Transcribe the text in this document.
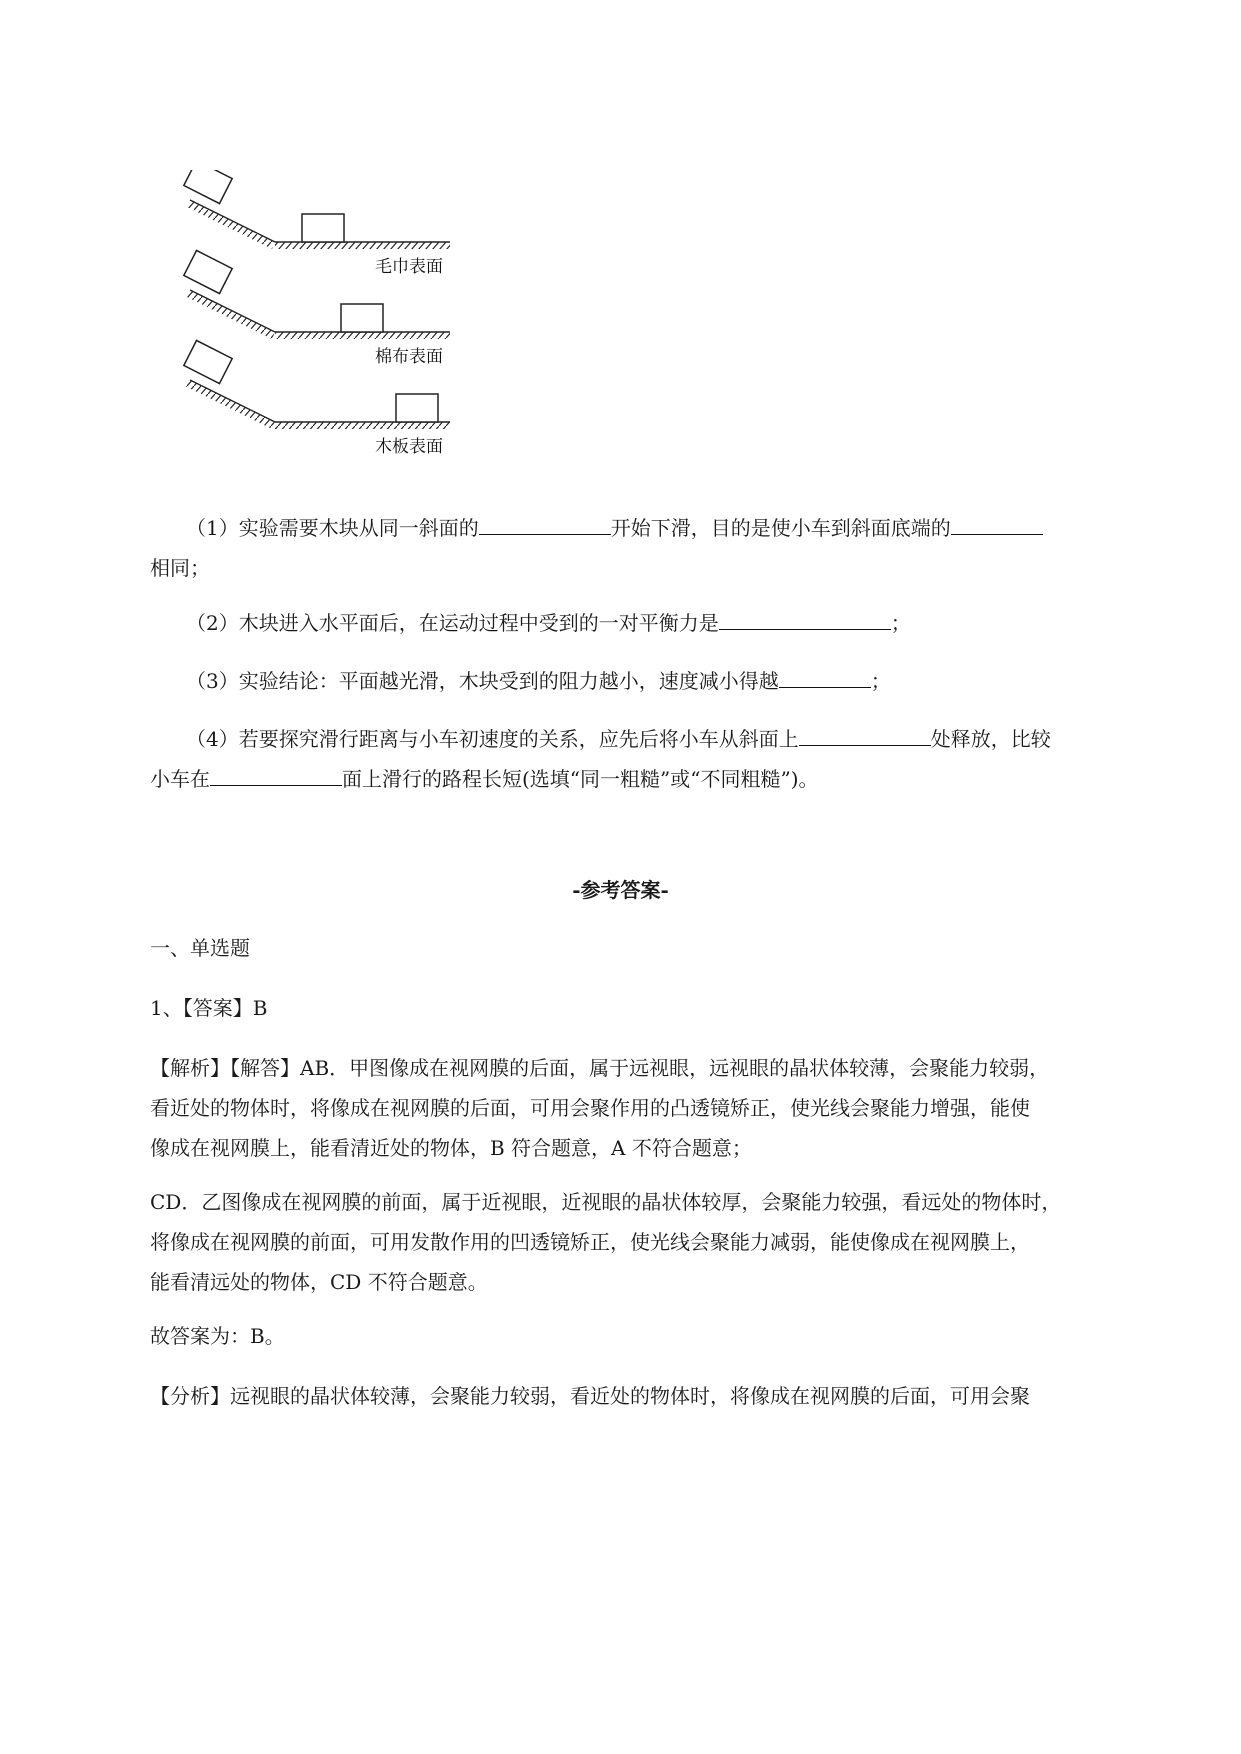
毛巾表面
棉布表面
木板表面

（1）实验需要木块从同一斜面的	开始下滑，目的是使小车到斜面底端的

相同；

（2）木块进入水平面后，在运动过程中受到的一对平衡力是	；

（3）实验结论：平面越光滑，木块受到的阻力越小，速度减小得越	；

（4）若要探究滑行距离与小车初速度的关系，应先后将小车从斜面上	处释放，比较

小车在	面上滑行的路程长短(选填“同一粗糙”或“不同粗糙”)。

-参考答案-

一、单选题

1、【答案】B

【解析】【解答】AB．甲图像成在视网膜的后面，属于远视眼，远视眼的晶状体较薄，会聚能力较弱，

看近处的物体时，将像成在视网膜的后面，可用会聚作用的凸透镜矫正，使光线会聚能力增强，能使

像成在视网膜上，能看清近处的物体，B 符合题意，A 不符合题意；

CD．乙图像成在视网膜的前面，属于近视眼，近视眼的晶状体较厚，会聚能力较强，看远处的物体时，

将像成在视网膜的前面，可用发散作用的凹透镜矫正，使光线会聚能力减弱，能使像成在视网膜上，

能看清远处的物体，CD 不符合题意。

故答案为：B。

【分析】远视眼的晶状体较薄，会聚能力较弱，看近处的物体时，将像成在视网膜的后面，可用会聚
